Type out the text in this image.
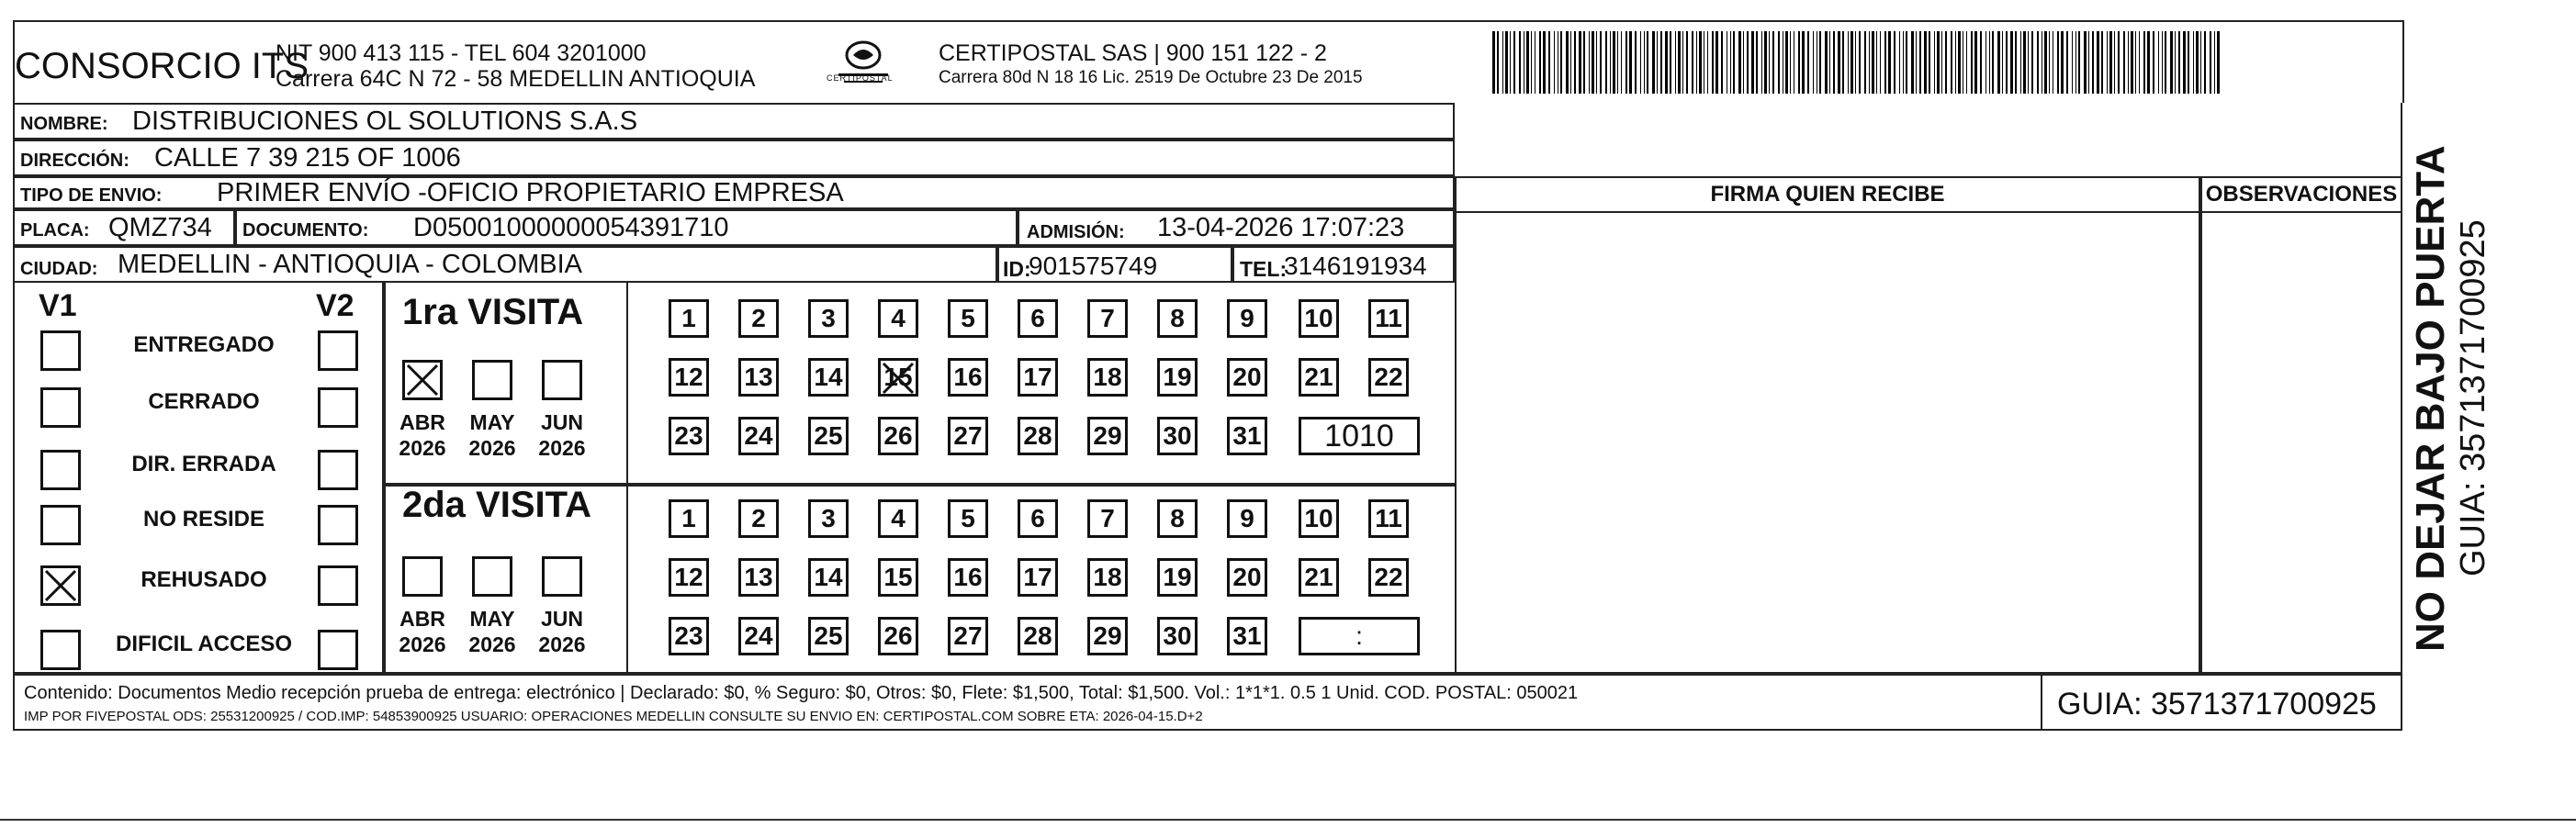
CONSORCIO ITS
NIT 900 413 115 - TEL 604 3201000
Carrera 64C N 72 - 58 MEDELLIN ANTIOQUIA	CERTIPOSTAL
CERTIPOSTAL SAS | 900 151 122 - 2
Carrera 80d N 18 16 Lic. 2519 De Octubre 23 De 2015
NOMBRE: DISTRIBUCIONES OL SOLUTIONS S.A.S
DIRECCIÓN: CALLE 7 39 215 OF 1006
TIPO DE ENVIO: PRIMER ENVÍO -OFICIO PROPIETARIO EMPRESA
PLACA: QMZ734 DOCUMENTO: D05001000000054391710	ADMISIÓN: 13-04-2026 17:07:23
CIUDAD: MEDELLIN - ANTIOQUIA - COLOMBIA	ID:
901575749	TEL:
3146191934
FIRMA QUIEN RECIBE	OBSERVACIONES
V1	V2
ENTREGADO
CERRADO
DIR. ERRADA
NO RESIDE
REHUSADO
DIFICIL ACCESO
1ra VISITA
2da VISITA
ABR
2026
MAY
2026
JUN
2026
1	2	3	4	5	6	7	8	9	10 11
12 13 14 15 16 17 18 19 20 21 22
23 24 25 26 27 28 29 30 31	1010
ABR
2026
MAY
2026
JUN
2026
1	2	3	4	5	6	7	8	9	10 11
12 13 14 15 16 17 18 19 20 21 22
23 24 25 26 27 28 29 30 31	:
Contenido: Documentos Medio recepción prueba de entrega: electrónico | Declarado: $0, % Seguro: $0, Otros: $0, Flete: $1,500, Total: $1,500. Vol.: 1*1*1. 0.5 1 Unid. COD. POSTAL: 050021
IMP POR FIVEPOSTAL ODS: 25531200925 / COD.IMP: 54853900925 USUARIO: OPERACIONES MEDELLIN CONSULTE SU ENVIO EN: CERTIPOSTAL.COM SOBRE ETA: 2026-04-15.D+2	GUIA: 3571371700925
NO DEJAR BAJO PUERTA GUIA: 3571371700925
